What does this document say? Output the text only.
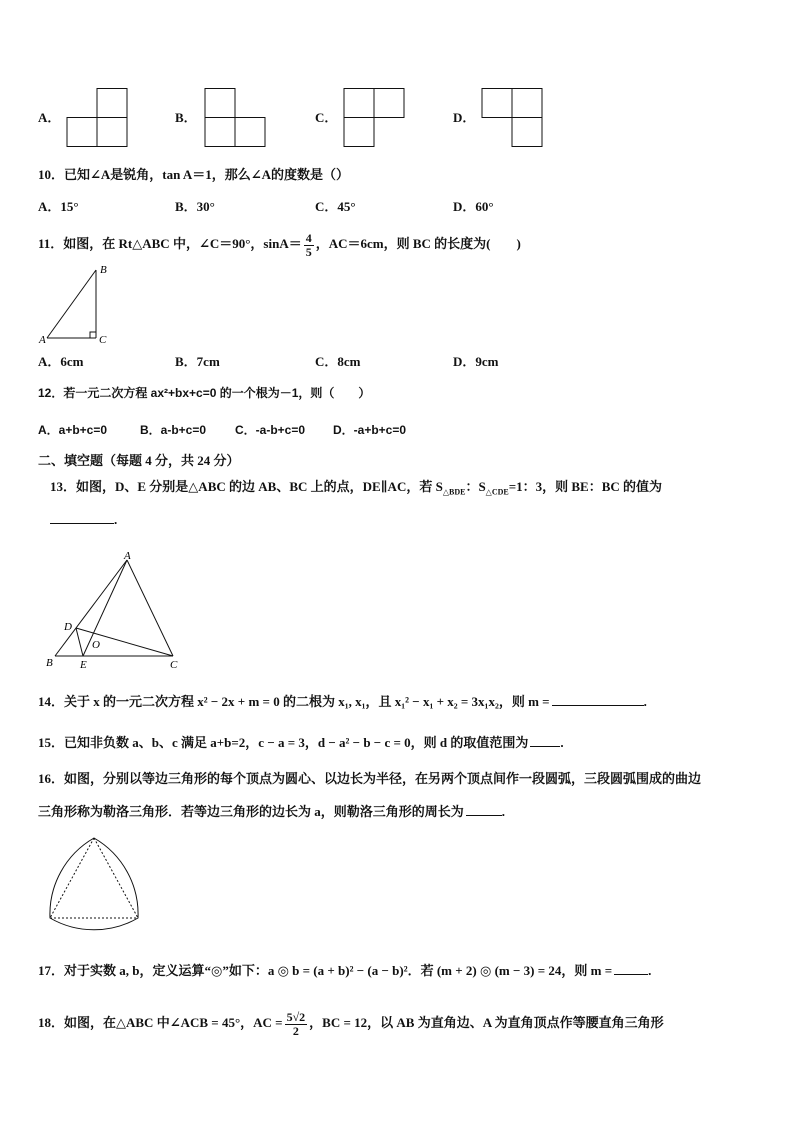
A．	B．	C．	D．
10．已知∠A是锐角，tan A＝1，那么∠A的度数是（）
A．15°	B．30°	C．45°	D．60°
11．如图，在 Rt△ABC 中，∠C＝90°，$\sin A= \frac{4}{5}$ ，AC＝6cm，则 BC 的长度为(　　)
B
A	C
A．6cm	B．7cm	C．8cm	D．9cm
12．若一元二次方程 ax²+bx+c=0 的一个根为－1，则（　　）
A．a+b+c=0	B．a-b+c=0 C．-a-b+c=0 D．-a+b+c=0
二、填空题（每题 4 分，共 24 分）
13．如图，D、E 分别是△ABC 的边 AB、BC 上的点，DE∥AC，若 $S_{\triangle BDE}$：$S_{\triangle CDE}=1$：3，则 BE：BC 的值为
.
A
D
O
B E	C
14．关于 x 的一元二次方程 x² − 2x + m = 0 的二根为 x₁, x₁，且 x₁² − x₁ + x₂ = 3x₁x₂，则 m =	.
15．已知非负数 a、b、c 满足 a+b=2，c − a = 3，d − a² − b − c = 0，则 d 的取值范围为 .
16．如图，分别以等边三角形的每个顶点为圆心、以边长为半径，在另两个顶点间作一段圆弧，三段圆弧围成的曲边
三角形称为勒洛三角形．若等边三角形的边长为 a，则勒洛三角形的周长为	.
17．对于实数 a, b，定义运算“◎”如下：a ◎ b = (a + b)² − (a − b)²．若 (m + 2) ◎ (m − 3) = 24，则 m =	.
18．如图，在△ABC 中∠ACB = 45°，AC = $\frac{5√2}{2}$ ，BC = 12，以 AB 为直角边、A 为直角顶点作等腰直角三角形
